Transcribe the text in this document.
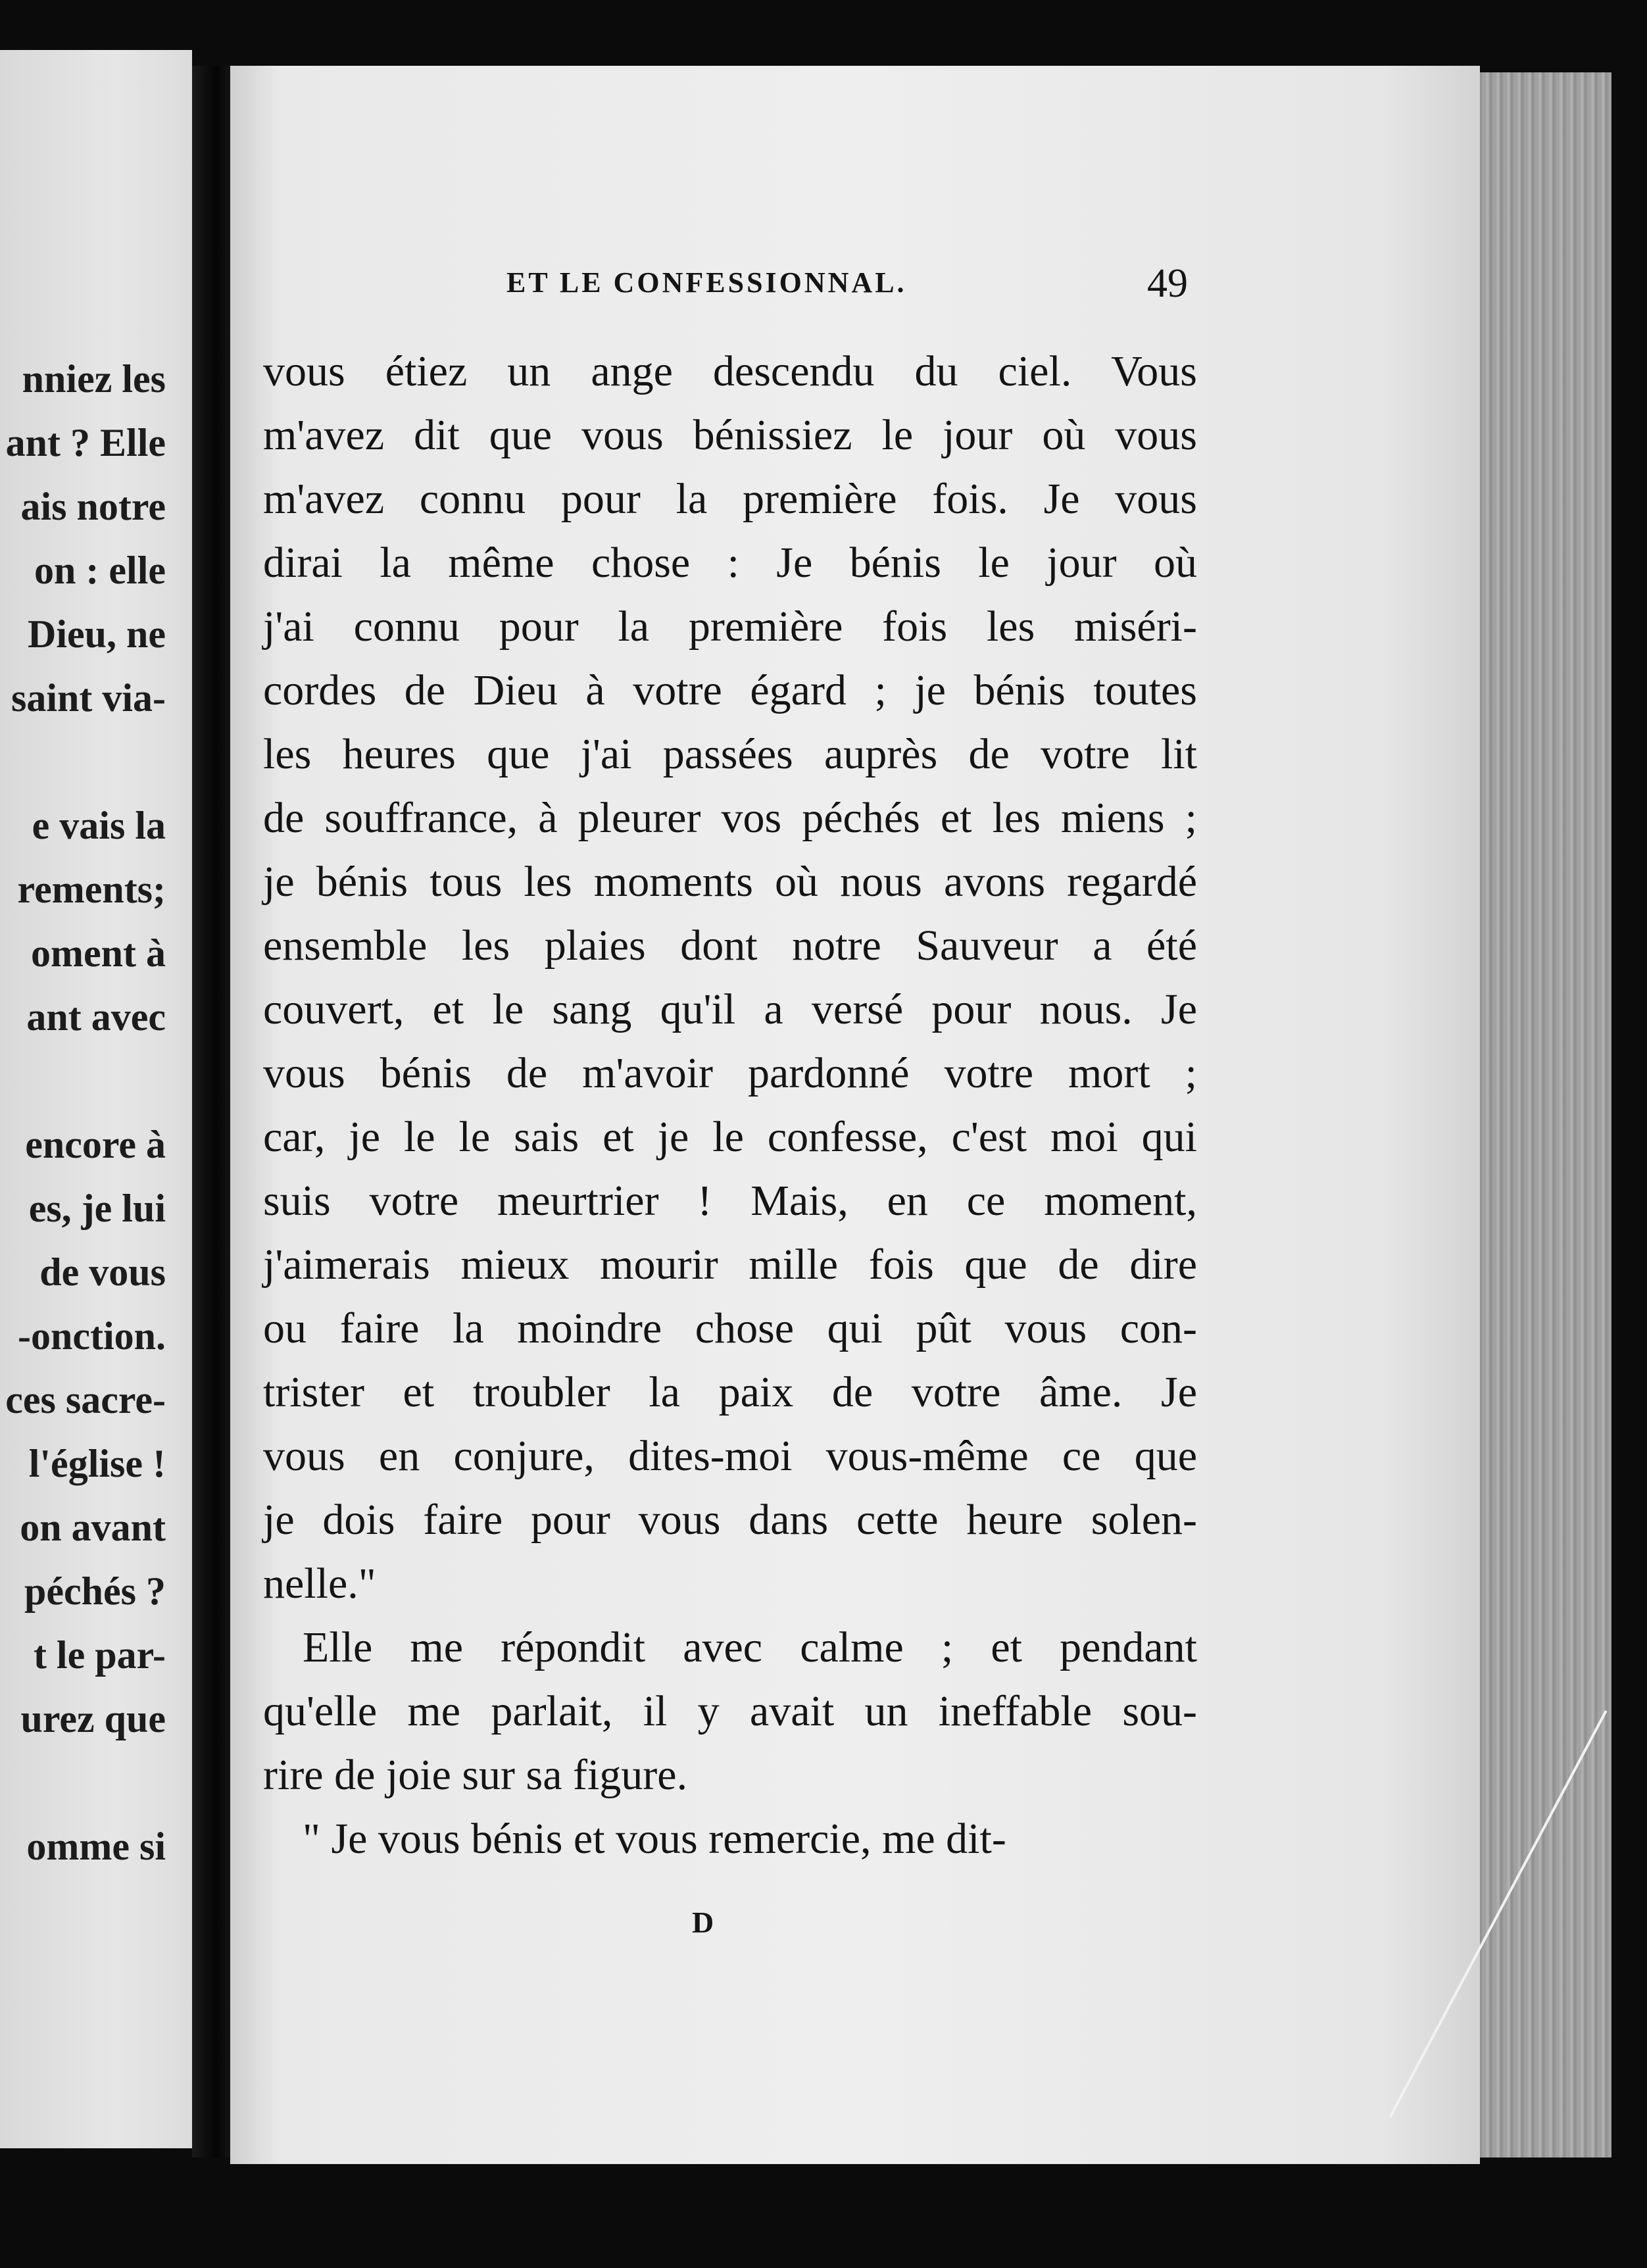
nniez les
ant ? Elle
ais notre
on : elle
Dieu, ne
saint via-
e vais la
rements;
oment à
ant avec
encore à
es, je lui
de vous
-onction.
ces sacre-
l'église !
on avant
péchés ?
t le par-
urez que
omme si
ET LE CONFESSIONNAL.	49
vous étiez un ange descendu du ciel. Vous
m'avez dit que vous bénissiez le jour où vous
m'avez connu pour la première fois. Je vous
dirai la même chose : Je bénis le jour où
j'ai connu pour la première fois les miséri-
cordes de Dieu à votre égard ; je bénis toutes
les heures que j'ai passées auprès de votre lit
de souffrance, à pleurer vos péchés et les miens ;
je bénis tous les moments où nous avons regardé
ensemble les plaies dont notre Sauveur a été
couvert, et le sang qu'il a versé pour nous. Je
vous bénis de m'avoir pardonné votre mort ;
car, je le le sais et je le confesse, c'est moi qui
suis votre meurtrier ! Mais, en ce moment,
j'aimerais mieux mourir mille fois que de dire
ou faire la moindre chose qui pût vous con-
trister et troubler la paix de votre âme. Je
vous en conjure, dites-moi vous-même ce que
je dois faire pour vous dans cette heure solen-
nelle."
Elle me répondit avec calme ; et pendant
qu'elle me parlait, il y avait un ineffable sou-
rire de joie sur sa figure.
" Je vous bénis et vous remercie, me dit-
D
